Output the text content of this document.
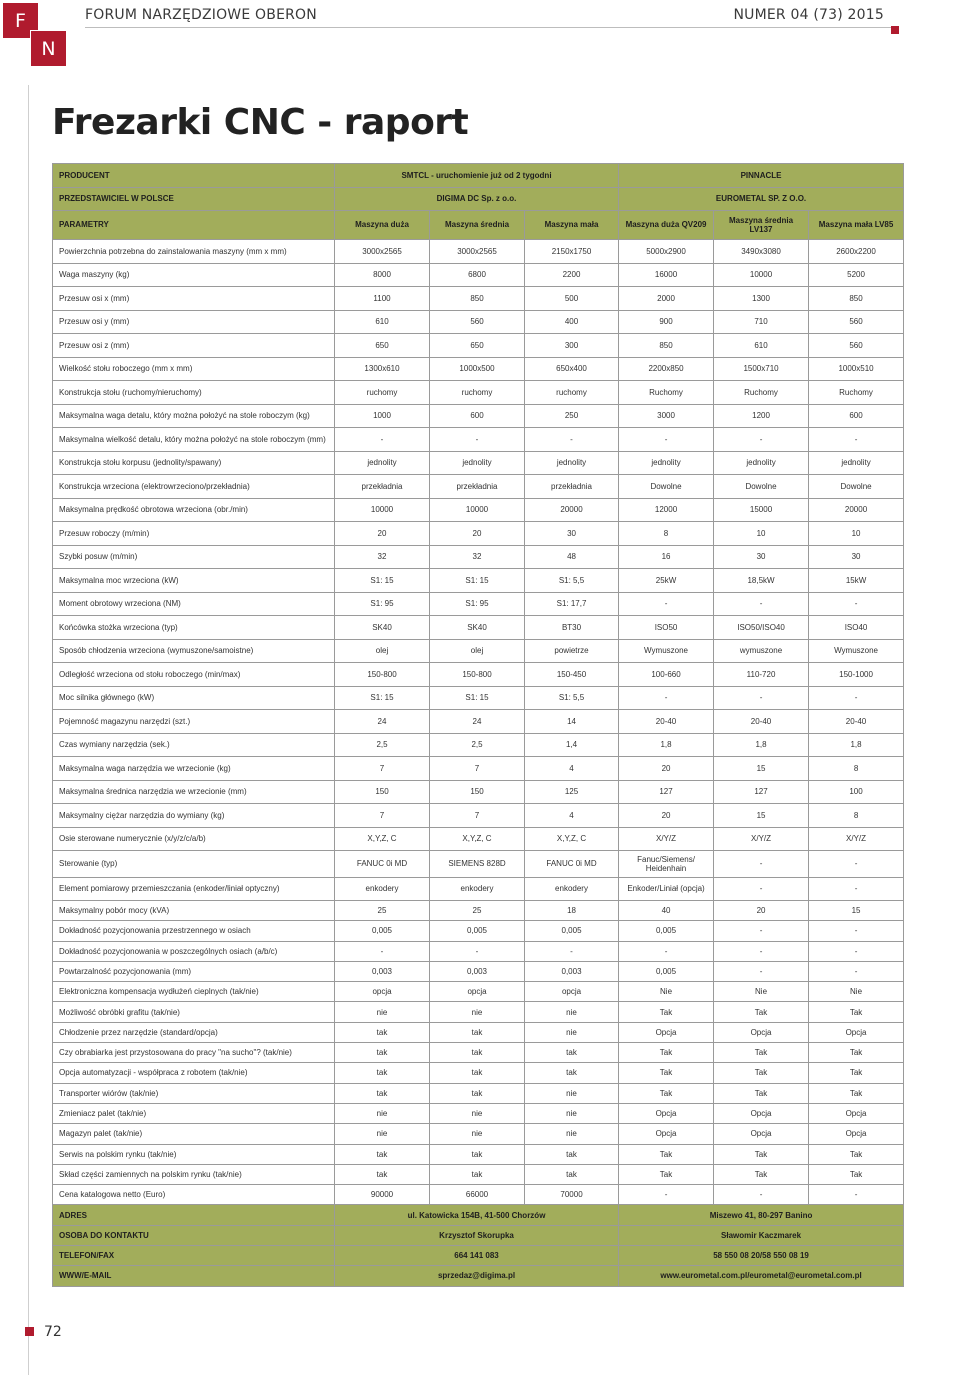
F
N
FORUM NARZĘDZIOWE OBERON	NUMER 04 (73) 2015
Frezarki CNC - raport
PRODUCENT	SMTCL - uruchomienie już od 2 tygodni			PINNACLE		
PRZEDSTAWICIEL W POLSCE	DIGIMA DC Sp. z o.o.			EUROMETAL SP. Z O.O.		
PARAMETRY	Maszyna duża	Maszyna średnia	Maszyna mała	Maszyna duża QV209	Maszyna średnia LV137	Maszyna mała LV85
Powierzchnia potrzebna do zainstalowania maszyny (mm x mm)	3000x2565	3000x2565	2150x1750	5000x2900	3490x3080	2600x2200
Waga maszyny (kg)	8000	6800	2200	16000	10000	5200
Przesuw osi x (mm)	1100	850	500	2000	1300	850
Przesuw osi y (mm)	610	560	400	900	710	560
Przesuw osi z (mm)	650	650	300	850	610	560
Wielkość stołu roboczego (mm x mm)	1300x610	1000x500	650x400	2200x850	1500x710	1000x510
Konstrukcja stołu (ruchomy/nieruchomy)	ruchomy	ruchomy	ruchomy	Ruchomy	Ruchomy	Ruchomy
Maksymalna waga detalu, który można położyć na stole roboczym (kg)	1000	600	250	3000	1200	600
Maksymalna wielkość detalu, który można położyć na stole roboczym (mm)	-	-	-	-	-	-
Konstrukcja stołu korpusu (jednolity/spawany)	jednolity	jednolity	jednolity	jednolity	jednolity	jednolity
Konstrukcja wrzeciona (elektrowrzeciono/przekładnia)	przekładnia	przekładnia	przekładnia	Dowolne	Dowolne	Dowolne
Maksymalna prędkość obrotowa wrzeciona (obr./min)	10000	10000	20000	12000	15000	20000
Przesuw roboczy (m/min)	20	20	30	8	10	10
Szybki posuw (m/min)	32	32	48	16	30	30
Maksymalna moc wrzeciona (kW)	S1: 15	S1: 15	S1: 5,5	25kW	18,5kW	15kW
Moment obrotowy wrzeciona (NM)	S1: 95	S1: 95	S1: 17,7	-	-	-
Końcówka stożka wrzeciona (typ)	SK40	SK40	BT30	ISO50	ISO50/ISO40	ISO40
Sposób chłodzenia wrzeciona (wymuszone/samoistne)	olej	olej	powietrze	Wymuszone	wymuszone	Wymuszone
Odległość wrzeciona od stołu roboczego (min/max)	150-800	150-800	150-450	100-660	110-720	150-1000
Moc silnika głównego (kW)	S1: 15	S1: 15	S1: 5,5	-	-	-
Pojemność magazynu narzędzi (szt.)	24	24	14	20-40	20-40	20-40
Czas wymiany narzędzia (sek.)	2,5	2,5	1,4	1,8	1,8	1,8
Maksymalna waga narzędzia we wrzecionie (kg)	7	7	4	20	15	8
Maksymalna średnica narzędzia we wrzecionie (mm)	150	150	125	127	127	100
Maksymalny ciężar narzędzia do wymiany (kg)	7	7	4	20	15	8
Osie sterowane numerycznie (x/y/z/c/a/b)	X,Y,Z, C	X,Y,Z, C	X,Y,Z, C	X/Y/Z	X/Y/Z	X/Y/Z
Sterowanie (typ)	FANUC 0i MD	SIEMENS 828D	FANUC 0i MD	Fanuc/Siemens/ Heidenhain	-	-
Element pomiarowy przemieszczania (enkoder/liniał optyczny)	enkodery	enkodery	enkodery	Enkoder/Liniał (opcja)	-	-
Maksymalny pobór mocy (kVA)	25	25	18	40	20	15
Dokładność pozycjonowania przestrzennego w osiach	0,005	0,005	0,005	0,005	-	-
Dokładność pozycjonowania w poszczególnych osiach (a/b/c)	-	-	-	-	-	-
Powtarzalność pozycjonowania (mm)	0,003	0,003	0,003	0,005	-	-
Elektroniczna kompensacja wydłużeń cieplnych (tak/nie)	opcja	opcja	opcja	Nie	Nie	Nie
Możliwość obróbki grafitu (tak/nie)	nie	nie	nie	Tak	Tak	Tak
Chłodzenie przez narzędzie (standard/opcja)	tak	tak	nie	Opcja	Opcja	Opcja
Czy obrabiarka jest przystosowana do pracy "na sucho"? (tak/nie)	tak	tak	tak	Tak	Tak	Tak
Opcja automatyzacji - współpraca z robotem (tak/nie)	tak	tak	tak	Tak	Tak	Tak
Transporter wiórów (tak/nie)	tak	tak	nie	Tak	Tak	Tak
Zmieniacz palet (tak/nie)	nie	nie	nie	Opcja	Opcja	Opcja
Magazyn palet (tak/nie)	nie	nie	nie	Opcja	Opcja	Opcja
Serwis na polskim rynku (tak/nie)	tak	tak	tak	Tak	Tak	Tak
Skład części zamiennych na polskim rynku (tak/nie)	tak	tak	tak	Tak	Tak	Tak
Cena katalogowa netto (Euro)	90000	66000	70000	-	-	-
ADRES	ul. Katowicka 154B, 41-500 Chorzów			Miszewo 41, 80-297 Banino		
OSOBA DO KONTAKTU	Krzysztof Skorupka			Sławomir Kaczmarek		
TELEFON/FAX	664 141 083			58 550 08 20/58 550 08 19		
WWW/E-MAIL	sprzedaz@digima.pl			www.eurometal.com.pl/eurometal@eurometal.com.pl		
72
